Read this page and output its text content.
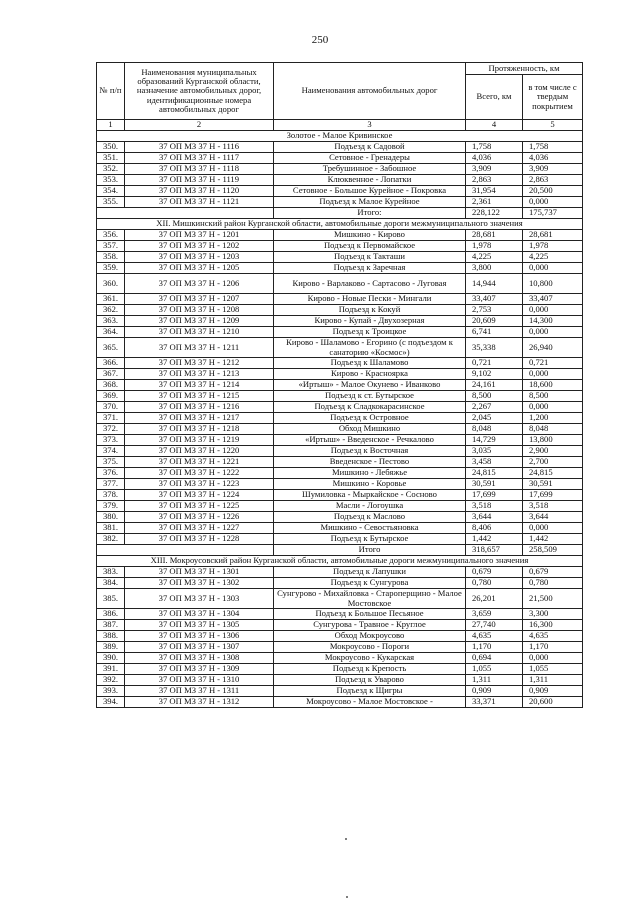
250
№ п/п	Наименования муниципальных образований Курганской области, назначение автомобильных дорог, идентификационные номера автомобильных дорог	Наименования автомобильных дорог	Протяженность, км	
			Всего, км	в том числе с твердым покрытием
1	2	3	4	5
Золотое - Малое Кривинское				
350.	37 ОП МЗ 37 Н - 1116	Подъезд к Садовой	1,758	1,758
351.	37 ОП МЗ 37 Н - 1117	Сетовное - Гренадеры	4,036	4,036
352.	37 ОП МЗ 37 Н - 1118	Требушинное - Забошное	3,909	3,909
353.	37 ОП МЗ 37 Н - 1119	Клюквенное - Лопатки	2,863	2,863
354.	37 ОП МЗ 37 Н - 1120	Сетовное - Большое Курейное - Покровка	31,954	20,500
355.	37 ОП МЗ 37 Н - 1121	Подъезд к Малое Курейное	2,361	0,000
		Итого:	228,122	175,737
XII. Мишкинский район Курганской области, автомобильные дороги межмуниципального значения				
356.	37 ОП МЗ 37 Н - 1201	Мишкино - Кирово	28,681	28,681
357.	37 ОП МЗ 37 Н - 1202	Подъезд к Первомайское	1,978	1,978
358.	37 ОП МЗ 37 Н - 1203	Подъезд к Такташи	4,225	4,225
359.	37 ОП МЗ 37 Н - 1205	Подъезд к Заречная	3,800	0,000
360.	37 ОП МЗ 37 Н - 1206	Кирово - Варлаково - Сартасово - Луговая	14,944	10,800
361.	37 ОП МЗ 37 Н - 1207	Кирово - Новые Пески - Мингали	33,407	33,407
362.	37 ОП МЗ 37 Н - 1208	Подъезд к Кокуй	2,753	0,000
363.	37 ОП МЗ 37 Н - 1209	Кирово - Купай - Двухозерная	20,609	14,300
364.	37 ОП МЗ 37 Н - 1210	Подъезд к Троицкое	6,741	0,000
365.	37 ОП МЗ 37 Н - 1211	Кирово - Шаламово - Егорино (с подъездом к санаторию «Космос»)	35,338	26,940
366.	37 ОП МЗ 37 Н - 1212	Подъезд к Шаламово	0,721	0,721
367.	37 ОП МЗ 37 Н - 1213	Кирово - Красноярка	9,102	0,000
368.	37 ОП МЗ 37 Н - 1214	«Иртыш» - Малое Окунево - Иванково	24,161	18,600
369.	37 ОП МЗ 37 Н - 1215	Подъезд к ст. Бутырское	8,500	8,500
370.	37 ОП МЗ 37 Н - 1216	Подъезд к Сладкокарасинское	2,267	0,000
371.	37 ОП МЗ 37 Н - 1217	Подъезд к Островное	2,045	1,200
372.	37 ОП МЗ 37 Н - 1218	Обход Мишкино	8,048	8,048
373.	37 ОП МЗ 37 Н - 1219	«Иртыш» - Введенское - Речкалово	14,729	13,800
374.	37 ОП МЗ 37 Н - 1220	Подъезд к Восточная	3,035	2,900
375.	37 ОП МЗ 37 Н - 1221	Введенское - Пестово	3,458	2,700
376.	37 ОП МЗ 37 Н - 1222	Мишкино - Лебяжье	24,815	24,815
377.	37 ОП МЗ 37 Н - 1223	Мишкино - Коровье	30,591	30,591
378.	37 ОП МЗ 37 Н - 1224	Шумиловка - Мыркайское - Сосново	17,699	17,699
379.	37 ОП МЗ 37 Н - 1225	Масли - Логоушка	3,518	3,518
380.	37 ОП МЗ 37 Н - 1226	Подъезд к Маслово	3,644	3,644
381.	37 ОП МЗ 37 Н - 1227	Мишкино - Севостьяновка	8,406	0,000
382.	37 ОП МЗ 37 Н - 1228	Подъезд к Бутырское	1,442	1,442
		Итого	318,657	258,509
XIII. Мокроусовский район Курганской области, автомобильные дороги межмуниципального значения				
383.	37 ОП МЗ 37 Н - 1301	Подъезд к Лапушки	0,679	0,679
384.	37 ОП МЗ 37 Н - 1302	Подъезд к Сунгурова	0,780	0,780
385.	37 ОП МЗ 37 Н - 1303	Сунгурово - Михайловка - Староперщино - Малое Мостовское	26,201	21,500
386.	37 ОП МЗ 37 Н - 1304	Подъезд к Большое Песьяное	3,659	3,300
387.	37 ОП МЗ 37 Н - 1305	Сунгурова - Травное - Круглое	27,740	16,300
388.	37 ОП МЗ 37 Н - 1306	Обход Мокроусово	4,635	4,635
389.	37 ОП МЗ 37 Н - 1307	Мокроусово - Пороги	1,170	1,170
390.	37 ОП МЗ 37 Н - 1308	Мокроусово - Кукарская	0,694	0,000
391.	37 ОП МЗ 37 Н - 1309	Подъезд к Крепость	1,055	1,055
392.	37 ОП МЗ 37 Н - 1310	Подъезд к Уварово	1,311	1,311
393.	37 ОП МЗ 37 Н - 1311	Подъезд к Щигры	0,909	0,909
394.	37 ОП МЗ 37 Н - 1312	Мокроусово - Малое Мостовское -	33,371	20,600
